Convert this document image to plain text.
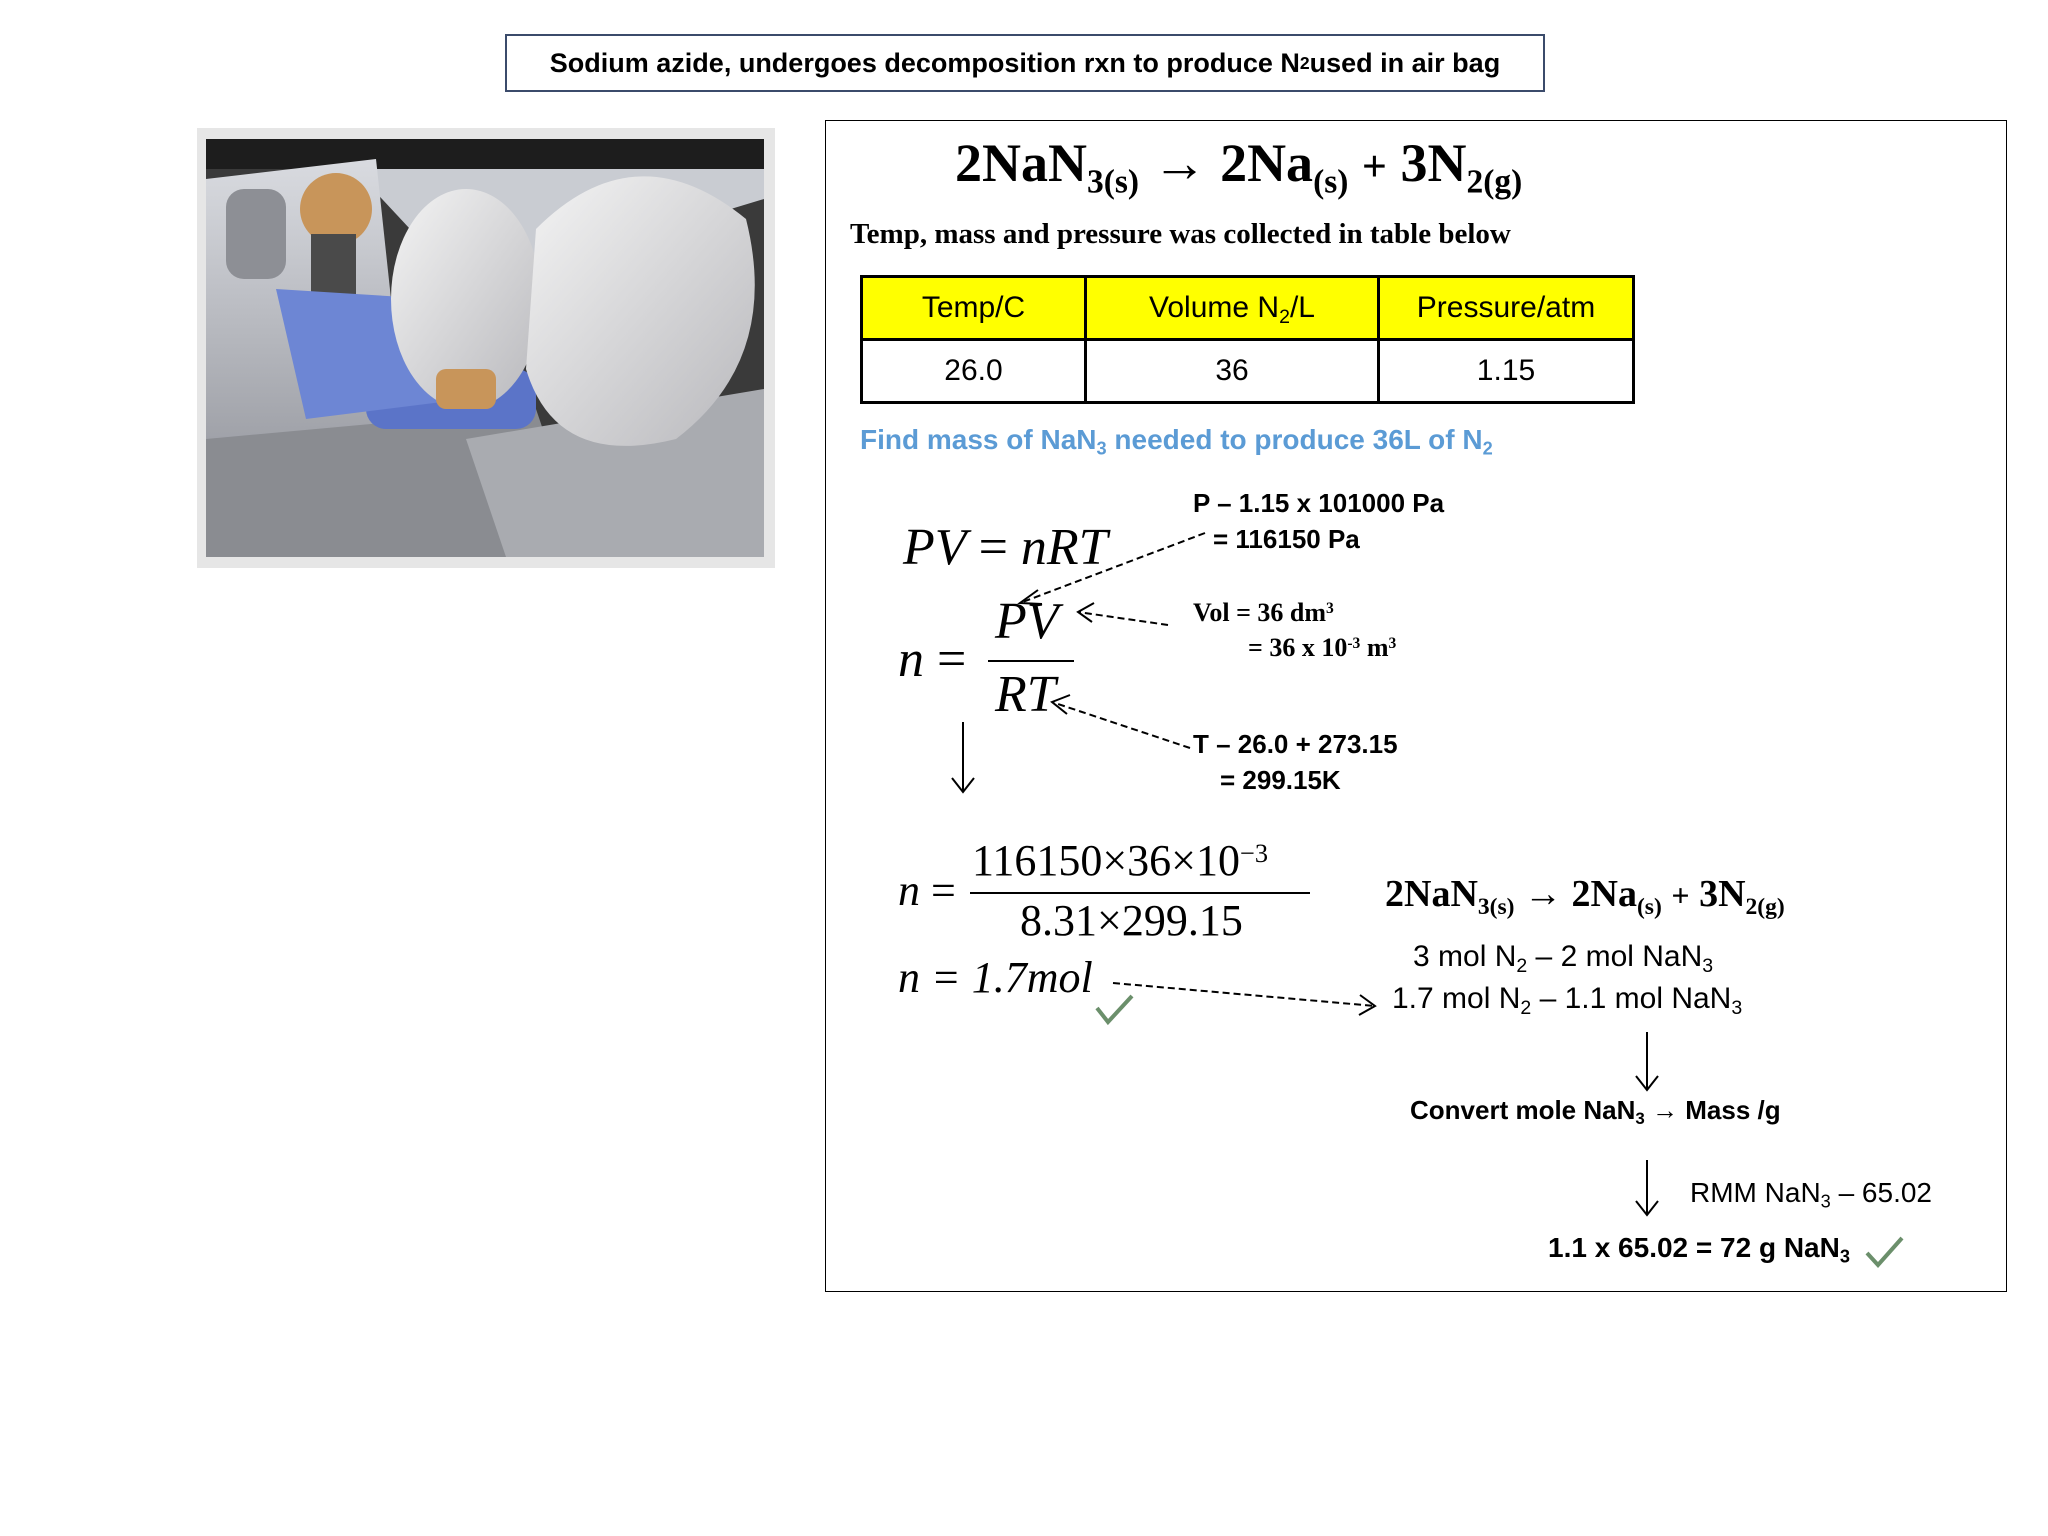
Sodium azide, undergoes decomposition rxn to produce N 2 used in air bag
$2NaN_{3(s)} \to 2Na_{(s)} + 3N_{2(g)}$
Temp, mass and pressure was collected in table below
Temp/C	Volume $N_2/L$	Pressure/atm
26.0	36	1.15
Find mass of NaN$_3$ needed to produce 36L of $N_2$
PV = nRT
n =
PV
RT
P – 1.15 x 101000 Pa
= 116150 Pa
Vol = 36 $dm^3$
= 36 x $10^{-3}$ $m^3$
T – 26.0 + 273.15
= 299.15K
n =
$116150\times 36\times 10^{-3}$
8.31×299.15
n = 1.7mol
$2NaN_{3(s)} \to 2Na_{(s)} + 3N_{2(g)}$
3 mol $N_2 - 2$ mol NaN$_3$
1.7 mol $N_2 - 1.1$ mol NaN$_3$
Convert mole NaN$_3$ → Mass /g
RMM NaN$_3$ – 65.02
1.1 x 65.02 = 72 g NaN$_3$
